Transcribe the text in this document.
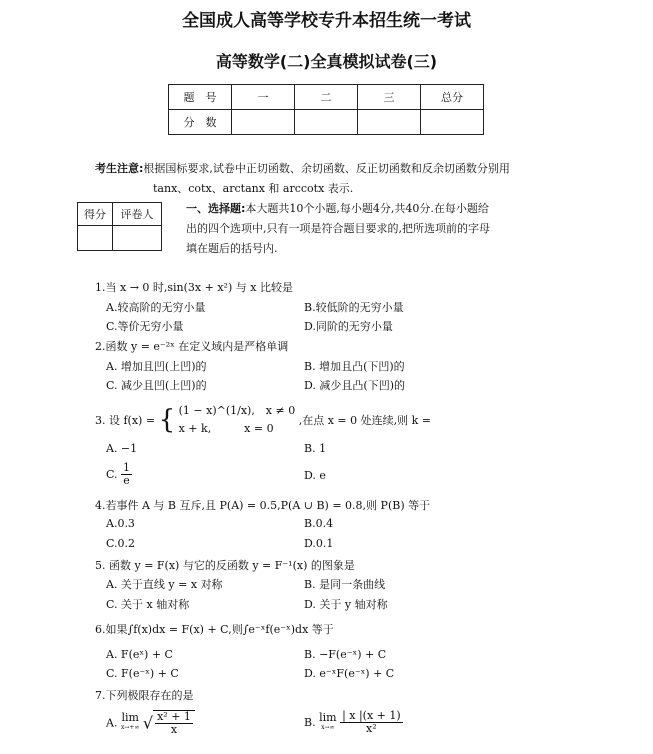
全国成人高等学校专升本招生统一考试
高等数学(二)全真模拟试卷(三)
题　号	一	二	三	总分
分　数				
考生注意:根据国标要求,试卷中正切函数、余切函数、反正切函数和反余切函数分别用
tanx、cotx、arctanx 和 arccotx 表示.
得分	评卷人
		一、选择题:本大题共10个小题,每小题4分,共40分.在每小题给
出的四个选项中,只有一项是符合题目要求的,把所选项前的字母
填在题后的括号内.
1.当 x → 0 时,sin(3x + x²) 与 x 比较是
A.较高阶的无穷小量	B.较低阶的无穷小量
C.等价无穷小量	D.同阶的无穷小量
2.函数 y = e⁻²ˣ 在定义域内是严格单调
A. 增加且凹(上凹)的	B. 增加且凸(下凹)的
C. 减少且凹(上凹)的	D. 减少且凸(下凹)的
3. 设 f(x) = { (1 − x)^(1/x),　x ≠ 0
x + k,　　　x = 0
,在点 x = 0 处连续,则 k =
A. −1	B. 1
C. $\frac{1}{e}$	D. e
4.若事件 A 与 B 互斥,且 P(A) = 0.5,P(A ∪ B) = 0.8,则 P(B) 等于
A.0.3	B.0.4
C.0.2	D.0.1
5. 函数 y = F(x) 与它的反函数 y = F⁻¹(x) 的图象是
A. 关于直线 y = x 对称	B. 是同一条曲线
C. 关于 x 轴对称	D. 关于 y 轴对称
6.如果∫f(x)dx = F(x) + C,则∫e⁻ˣf(e⁻ˣ)dx 等于
A. F(eˣ) + C	B. −F(e⁻ˣ) + C
C. F(e⁻ˣ) + C	D. e⁻ˣF(e⁻ˣ) + C
7.下列极限存在的是
A. lim
x→+∞ √ $\frac{\text{x² + 1}}{x}$	B. lim
x→∞
$\frac{| x |(x + 1)}{\text{x²}}$
